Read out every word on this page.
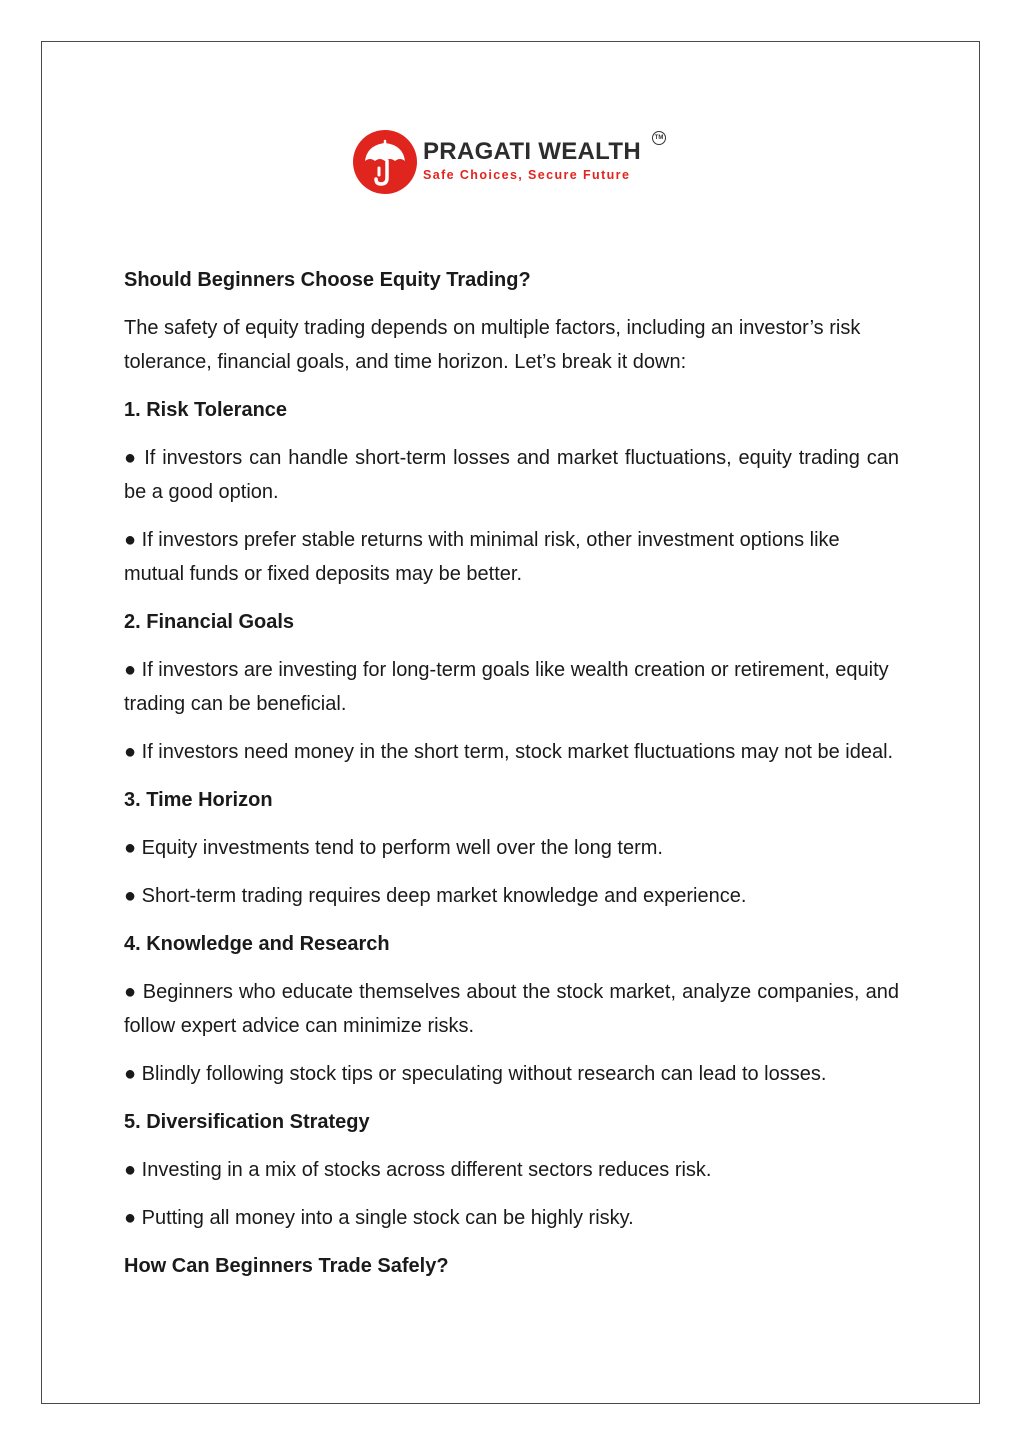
PRAGATI WEALTH	TM
Safe Choices, Secure Future
Should Beginners Choose Equity Trading?

The safety of equity trading depends on multiple factors, including an investor’s risk tolerance, financial goals, and time horizon. Let’s break it down:

1. Risk Tolerance

● If investors can handle short-term losses and market fluctuations, equity trading can be a good option.

● If investors prefer stable returns with minimal risk, other investment options like mutual funds or fixed deposits may be better.

2. Financial Goals

● If investors are investing for long-term goals like wealth creation or retirement, equity trading can be beneficial.

● If investors need money in the short term, stock market fluctuations may not be ideal.

3. Time Horizon

● Equity investments tend to perform well over the long term.

● Short-term trading requires deep market knowledge and experience.

4. Knowledge and Research

● Beginners who educate themselves about the stock market, analyze companies, and follow expert advice can minimize risks.

● Blindly following stock tips or speculating without research can lead to losses.

5. Diversification Strategy

● Investing in a mix of stocks across different sectors reduces risk.

● Putting all money into a single stock can be highly risky.

How Can Beginners Trade Safely?
